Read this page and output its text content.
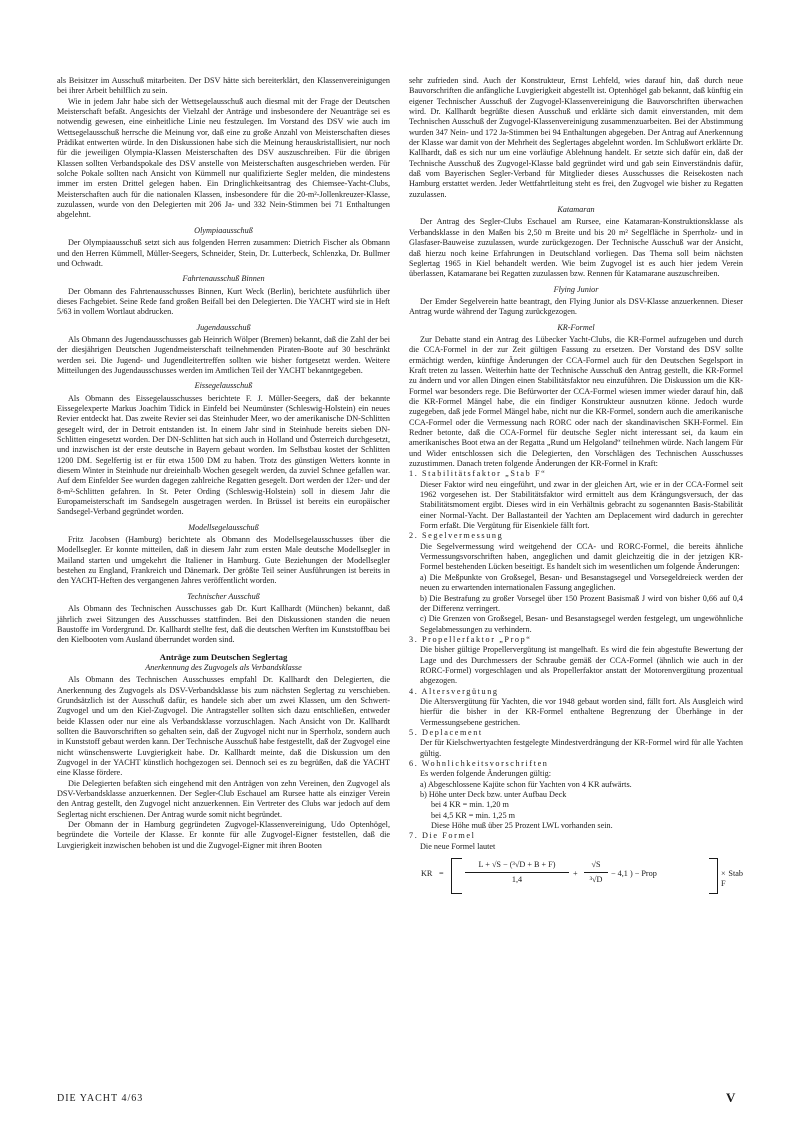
als Beisitzer im Ausschuß mitarbeiten. Der DSV hätte sich bereiterklärt, den Klassenvereinigungen bei ihrer Arbeit behilflich zu sein.

Wie in jedem Jahr habe sich der Wettsegelausschuß auch diesmal mit der Frage der Deutschen Meisterschaft befaßt. Angesichts der Vielzahl der Anträge und insbesondere der Neuanträge sei es notwendig gewesen, eine einheitliche Linie neu festzulegen. Im Vorstand des DSV wie auch im Wettsegelausschuß herrsche die Meinung vor, daß eine zu große Anzahl von Meisterschaften dieses Prädikat entwerten würde. In den Diskussionen habe sich die Meinung herauskristallisiert, nur noch für die jeweiligen Olympia-Klassen Meisterschaften des DSV auszuschreiben. Für die übrigen Klassen sollten Verbandspokale des DSV anstelle von Meisterschaften ausgeschrieben werden. Für solche Pokale sollten nach Ansicht von Kümmell nur qualifizierte Segler melden, die mindestens immer im ersten Drittel gelegen haben. Ein Dringlichkeitsantrag des Chiemsee-Yacht-Clubs, Meisterschaften auch für die nationalen Klassen, insbesondere für die 20-m²-Jollenkreuzer-Klasse, zuzulassen, wurde von den Delegierten mit 206 Ja- und 332 Nein-Stimmen bei 71 Enthaltungen abgelehnt.

Olympiaausschuß

Der Olympiaausschuß setzt sich aus folgenden Herren zusammen: Dietrich Fischer als Obmann und den Herren Kümmell, Müller-Seegers, Schneider, Stein, Dr. Lutterbeck, Schlenzka, Dr. Bullmer und Ochwadt.

Fahrtenausschuß Binnen

Der Obmann des Fahrtenausschusses Binnen, Kurt Weck (Berlin), berichtete ausführlich über dieses Fachgebiet. Seine Rede fand großen Beifall bei den Delegierten. Die YACHT wird sie in Heft 5/63 in vollem Wortlaut abdrucken.

Jugendausschuß

Als Obmann des Jugendausschusses gab Heinrich Wölper (Bremen) bekannt, daß die Zahl der bei der diesjährigen Deutschen Jugendmeisterschaft teilnehmenden Piraten-Boote auf 30 beschränkt werden sei. Die Jugend- und Jugendleitertreffen sollten wie bisher fortgesetzt werden. Weitere Mitteilungen des Jugendausschusses werden im Amtlichen Teil der YACHT bekanntgegeben.

Eissegelausschuß

Als Obmann des Eissegelausschusses berichtete F. J. Müller-Seegers, daß der bekannte Eissegelexperte Markus Joachim Tidick in Einfeld bei Neumünster (Schleswig-Holstein) ein neues Revier entdeckt hat. Das zweite Revier sei das Steinhuder Meer, wo der amerikanische DN-Schlitten gesegelt wird, der in Detroit entstanden ist. In einem Jahr sind in Steinhude bereits sieben DN-Schlitten eingesetzt worden. Der DN-Schlitten hat sich auch in Holland und Österreich durchgesetzt, und inzwischen ist der erste deutsche in Bayern gebaut worden. Im Selbstbau kostet der Schlitten 1200 DM. Segelfertig ist er für etwa 1500 DM zu haben. Trotz des günstigen Wetters konnte in diesem Winter in Steinhude nur dreieinhalb Wochen gesegelt werden, da zuviel Schnee gefallen war. Auf dem Einfelder See wurden dagegen zahlreiche Regatten gesegelt. Dort werden der 12er- und der 8-m²-Schlitten gefahren. In St. Peter Ording (Schleswig-Holstein) soll in diesem Jahr die Europameisterschaft im Sandsegeln ausgetragen werden. In Brüssel ist bereits ein europäischer Sandsegel-Verband gegründet worden.

Modellsegelausschuß

Fritz Jacobsen (Hamburg) berichtete als Obmann des Modellsegelausschusses über die Modellsegler. Er konnte mitteilen, daß in diesem Jahr zum ersten Male deutsche Modellsegler in Mailand starten und umgekehrt die Italiener in Hamburg. Gute Beziehungen der Modellsegler bestehen zu England, Frankreich und Dänemark. Der größte Teil seiner Ausführungen ist bereits in den YACHT-Heften des vergangenen Jahres veröffentlicht worden.

Technischer Ausschuß

Als Obmann des Technischen Ausschusses gab Dr. Kurt Kallhardt (München) bekannt, daß jährlich zwei Sitzungen des Ausschusses stattfinden. Bei den Diskussionen standen die neuen Baustoffe im Vordergrund. Dr. Kallhardt stellte fest, daß die deutschen Werften im Kunststoffbau bei den Kielbooten vom Ausland überrundet worden sind.

Anträge zum Deutschen Seglertag
Anerkennung des Zugvogels als Verbandsklasse

Als Obmann des Technischen Ausschusses empfahl Dr. Kallhardt den Delegierten, die Anerkennung des Zugvogels als DSV-Verbandsklasse bis zum nächsten Seglertag zu verschieben. Grundsätzlich ist der Ausschuß dafür, es handele sich aber um zwei Klassen, um den Schwert-Zugvogel und um den Kiel-Zugvogel. Die Antragsteller sollten sich dazu entschließen, entweder beide Klassen oder nur eine als Verbandsklasse vorzuschlagen. Nach Ansicht von Dr. Kallhardt sollten die Bauvorschriften so gehalten sein, daß der Zugvogel nicht nur in Sperrholz, sondern auch in Kunststoff gebaut werden kann. Der Technische Ausschuß habe festgestellt, daß der Zugvogel eine nicht wünschenswerte Luvgierigkeit habe. Dr. Kallhardt meinte, daß die Diskussion um den Zugvogel in der YACHT künstlich hochgezogen sei. Dennoch sei es zu begrüßen, daß die YACHT eine Klasse fördere.

Die Delegierten befaßten sich eingehend mit den Anträgen von zehn Vereinen, den Zugvogel als DSV-Verbandsklasse anzuerkennen. Der Segler-Club Eschauel am Rursee hatte als einziger Verein den Antrag gestellt, den Zugvogel nicht anzuerkennen. Ein Vertreter des Clubs war jedoch auf dem Seglertag nicht erschienen. Der Antrag wurde somit nicht begründet.

Der Obmann der in Hamburg gegründeten Zugvogel-Klassenvereinigung, Udo Optenhögel, begründete die Vorteile der Klasse. Er konnte für alle Zugvogel-Eigner feststellen, daß die Luvgierigkeit inzwischen behoben ist und die Zugvogel-Eigner mit ihren Booten

sehr zufrieden sind. Auch der Konstrukteur, Ernst Lehfeld, wies darauf hin, daß durch neue Bauvorschriften die anfängliche Luvgierigkeit abgestellt ist. Optenhögel gab bekannt, daß künftig ein eigener Technischer Ausschuß der Zugvogel-Klassenvereinigung die Bauvorschriften überwachen wird. Dr. Kallhardt begrüßte diesen Ausschuß und erklärte sich damit einverstanden, mit dem Technischen Ausschuß der Zugvogel-Klassenvereinigung zusammenzuarbeiten. Bei der Abstimmung wurden 347 Nein- und 172 Ja-Stimmen bei 94 Enthaltungen abgegeben. Der Antrag auf Anerkennung der Klasse war damit von der Mehrheit des Seglertages abgelehnt worden. Im Schlußwort erklärte Dr. Kallhardt, daß es sich nur um eine vorläufige Ablehnung handelt. Er setzte sich dafür ein, daß der Technische Ausschuß des Zugvogel-Klasse bald gegründet wird und gab sein Einverständnis dafür, daß vom Bayerischen Segler-Verband für Mitglieder dieses Ausschusses die Reisekosten nach Hamburg erstattet werden. Jeder Wettfahrtleitung steht es frei, den Zugvogel wie bisher zu Regatten zuzulassen.

Katamaran

Der Antrag des Segler-Clubs Eschauel am Rursee, eine Katamaran-Konstruktionsklasse als Verbandsklasse in den Maßen bis 2,50 m Breite und bis 20 m² Segelfläche in Sperrholz- und in Glasfaser-Bauweise zuzulassen, wurde zurückgezogen. Der Technische Ausschuß war der Ansicht, daß hierzu noch keine Erfahrungen in Deutschland vorliegen. Das Thema soll beim nächsten Seglertag 1965 in Kiel behandelt werden. Wie beim Zugvogel ist es auch hier jedem Verein überlassen, Katamarane bei Regatten zuzulassen bzw. Rennen für Katamarane auszuschreiben.

Flying Junior

Der Emder Segelverein hatte beantragt, den Flying Junior als DSV-Klasse anzuerkennen. Dieser Antrag wurde während der Tagung zurückgezogen.

KR-Formel

Zur Debatte stand ein Antrag des Lübecker Yacht-Clubs, die KR-Formel aufzugeben und durch die CCA-Formel in der zur Zeit gültigen Fassung zu ersetzen. Der Vorstand des DSV sollte ermächtigt werden, künftige Änderungen der CCA-Formel auch für den Deutschen Segelsport in Kraft treten zu lassen. Weiterhin hatte der Technische Ausschuß den Antrag gestellt, die KR-Formel zu ändern und vor allen Dingen einen Stabilitätsfaktor neu einzuführen. Die Diskussion um die KR-Formel war besonders rege. Die Befürworter der CCA-Formel wiesen immer wieder darauf hin, daß die KR-Formel Mängel habe, die ein findiger Konstrukteur ausnutzen könne. Jedoch wurde zugegeben, daß jede Formel Mängel habe, nicht nur die KR-Formel, sondern auch die amerikanische CCA-Formel oder die Vermessung nach RORC oder nach der skandinavischen SKH-Formel. Ein Redner betonte, daß die CCA-Formel für deutsche Segler nicht interessant sei, da kaum ein amerikanisches Boot etwa an der Regatta „Rund um Helgoland“ teilnehmen würde. Nach langem Für und Wider entschlossen sich die Delegierten, den Vorschlägen des Technischen Ausschusses zuzustimmen. Danach treten folgende Änderungen der KR-Formel in Kraft:

1. Stabilitätsfaktor „Stab F“
Dieser Faktor wird neu eingeführt, und zwar in der gleichen Art, wie er in der CCA-Formel seit 1962 vorgesehen ist. Der Stabilitätsfaktor wird ermittelt aus dem Krängungsversuch, der das Stabilitätsmoment ergibt. Dieses wird in ein Verhältnis gebracht zu sogenannten Basis-Stabilität einer Normal-Yacht. Der Ballastanteil der Yachten am Deplacement wird dadurch in gerechter Form erfaßt. Die Vergütung für Eisenkiele fällt fort.
2. Segelvermessung
Die Segelvermessung wird weitgehend der CCA- und RORC-Formel, die bereits ähnliche Vermessungsvorschriften haben, angeglichen und damit gleichzeitig die in der jetzigen KR-Formel bestehenden Lücken beseitigt. Es handelt sich im wesentlichen um folgende Änderungen:
a) Die Meßpunkte von Großsegel, Besan- und Besanstagsegel und Vorsegeldreieck werden der neuen zu erwartenden internationalen Fassung angeglichen.
b) Die Bestrafung zu großer Vorsegel über 150 Prozent Basismaß J wird von bisher 0,66 auf 0,4 der Differenz verringert.
c) Die Grenzen von Großsegel, Besan- und Besanstagsegel werden festgelegt, um ungewöhnliche Segelabmessungen zu verhindern.
3. Propellerfaktor „Prop“
Die bisher gültige Propellervergütung ist mangelhaft. Es wird die fein abgestufte Bewertung der Lage und des Durchmessers der Schraube gemäß der CCA-Formel (ähnlich wie auch in der RORC-Formel) vorgeschlagen und als Propellerfaktor anstatt der Motorenvergütung prozentual abgezogen.
4. Altersvergütung
Die Altersvergütung für Yachten, die vor 1948 gebaut worden sind, fällt fort. Als Ausgleich wird hierfür die bisher in der KR-Formel enthaltene Begrenzung der Überhänge in der Vermessungsebene gestrichen.
5. Deplacement
Der für Kielschwertyachten festgelegte Mindestverdrängung der KR-Formel wird für alle Yachten gültig.
6. Wohnlichkeitsvorschriften
Es werden folgende Änderungen gültig:
a) Abgeschlossene Kajüte schon für Yachten von 4 KR aufwärts.
b) Höhe unter Deck bzw. unter Aufbau Deck
bei 4 KR = min. 1,20 m
bei 4,5 KR = min. 1,25 m
Diese Höhe muß über 25 Prozent LWL vorhanden sein.
7. Die Formel
Die neue Formel lautet
KR =
L + √S − (³√D + B + F)
1,4
+
√S
³√D
− 4,1 ) − Prop	× Stab F
DIE YACHT 4/63	V
